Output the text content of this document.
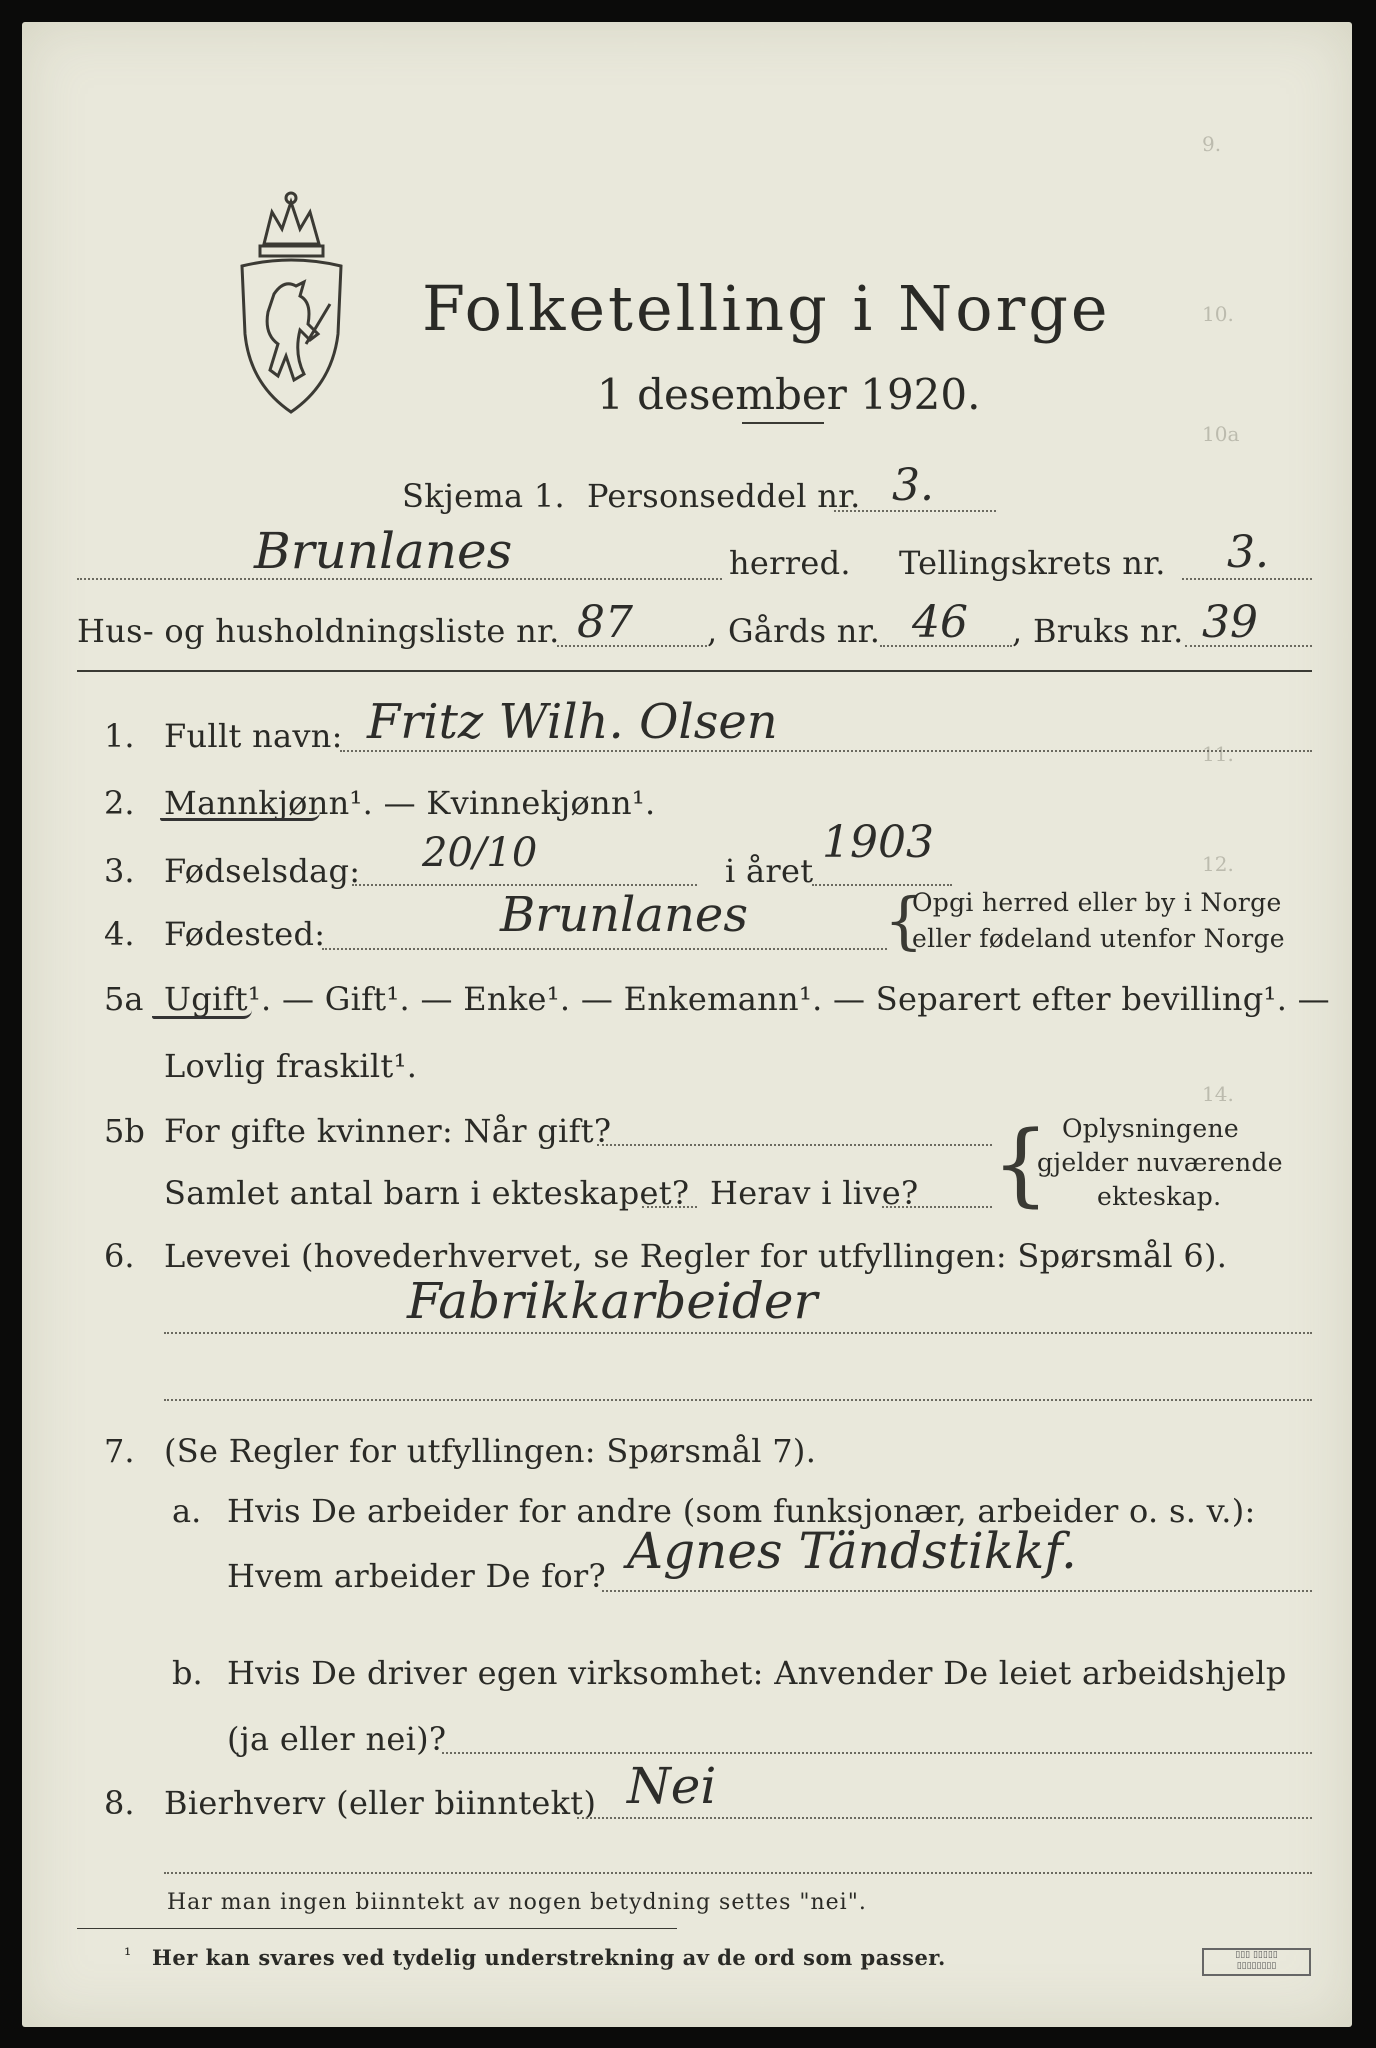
9.
10.
10a
11.
12.
14.
Folketelling i Norge
1 desember 1920.
Skjema 1. Personseddel nr. 3.
Brunlanes	herred. Tellingskrets nr. 3.
Hus- og husholdningsliste nr. 87 , Gårds nr. 46 , Bruks nr. 39
1. Fullt navn: Fritz Wilh. Olsen
2. Mannkjønn¹. — Kvinnekjønn¹.
3. Fødselsdag: 20/10	i året
1903
4. Fødested:	Brunlanes {
Opgi herred eller by i Norge
eller fødeland utenfor Norge
5a Ugift¹. — Gift¹. — Enke¹. — Enkemann¹. — Separert efter bevilling¹. —
Lovlig fraskilt¹.
5b For gifte kvinner: Når gift?
Samlet antal barn i ekteskapet? Herav i live? { Oplysningene
gjelder nuværende
ekteskap.
6. Levevei (hovederhvervet, se Regler for utfyllingen: Spørsmål 6).
Fabrikkarbeider
7. (Se Regler for utfyllingen: Spørsmål 7).
a. Hvis De arbeider for andre (som funksjonær, arbeider o. s. v.):
Hvem arbeider De for? Agnes Tändstikkf.
b. Hvis De driver egen virksomhet: Anvender De leiet arbeidshjelp
(ja eller nei)?
8. Bierhverv (eller biinntekt) Nei
Har man ingen biinntekt av nogen betydning settes "nei".
¹ Her kan svares ved tydelig understrekning av de ord som passer.	▯▯▯ ▯▯▯▯▯
▯▯▯▯▯▯▯▯
